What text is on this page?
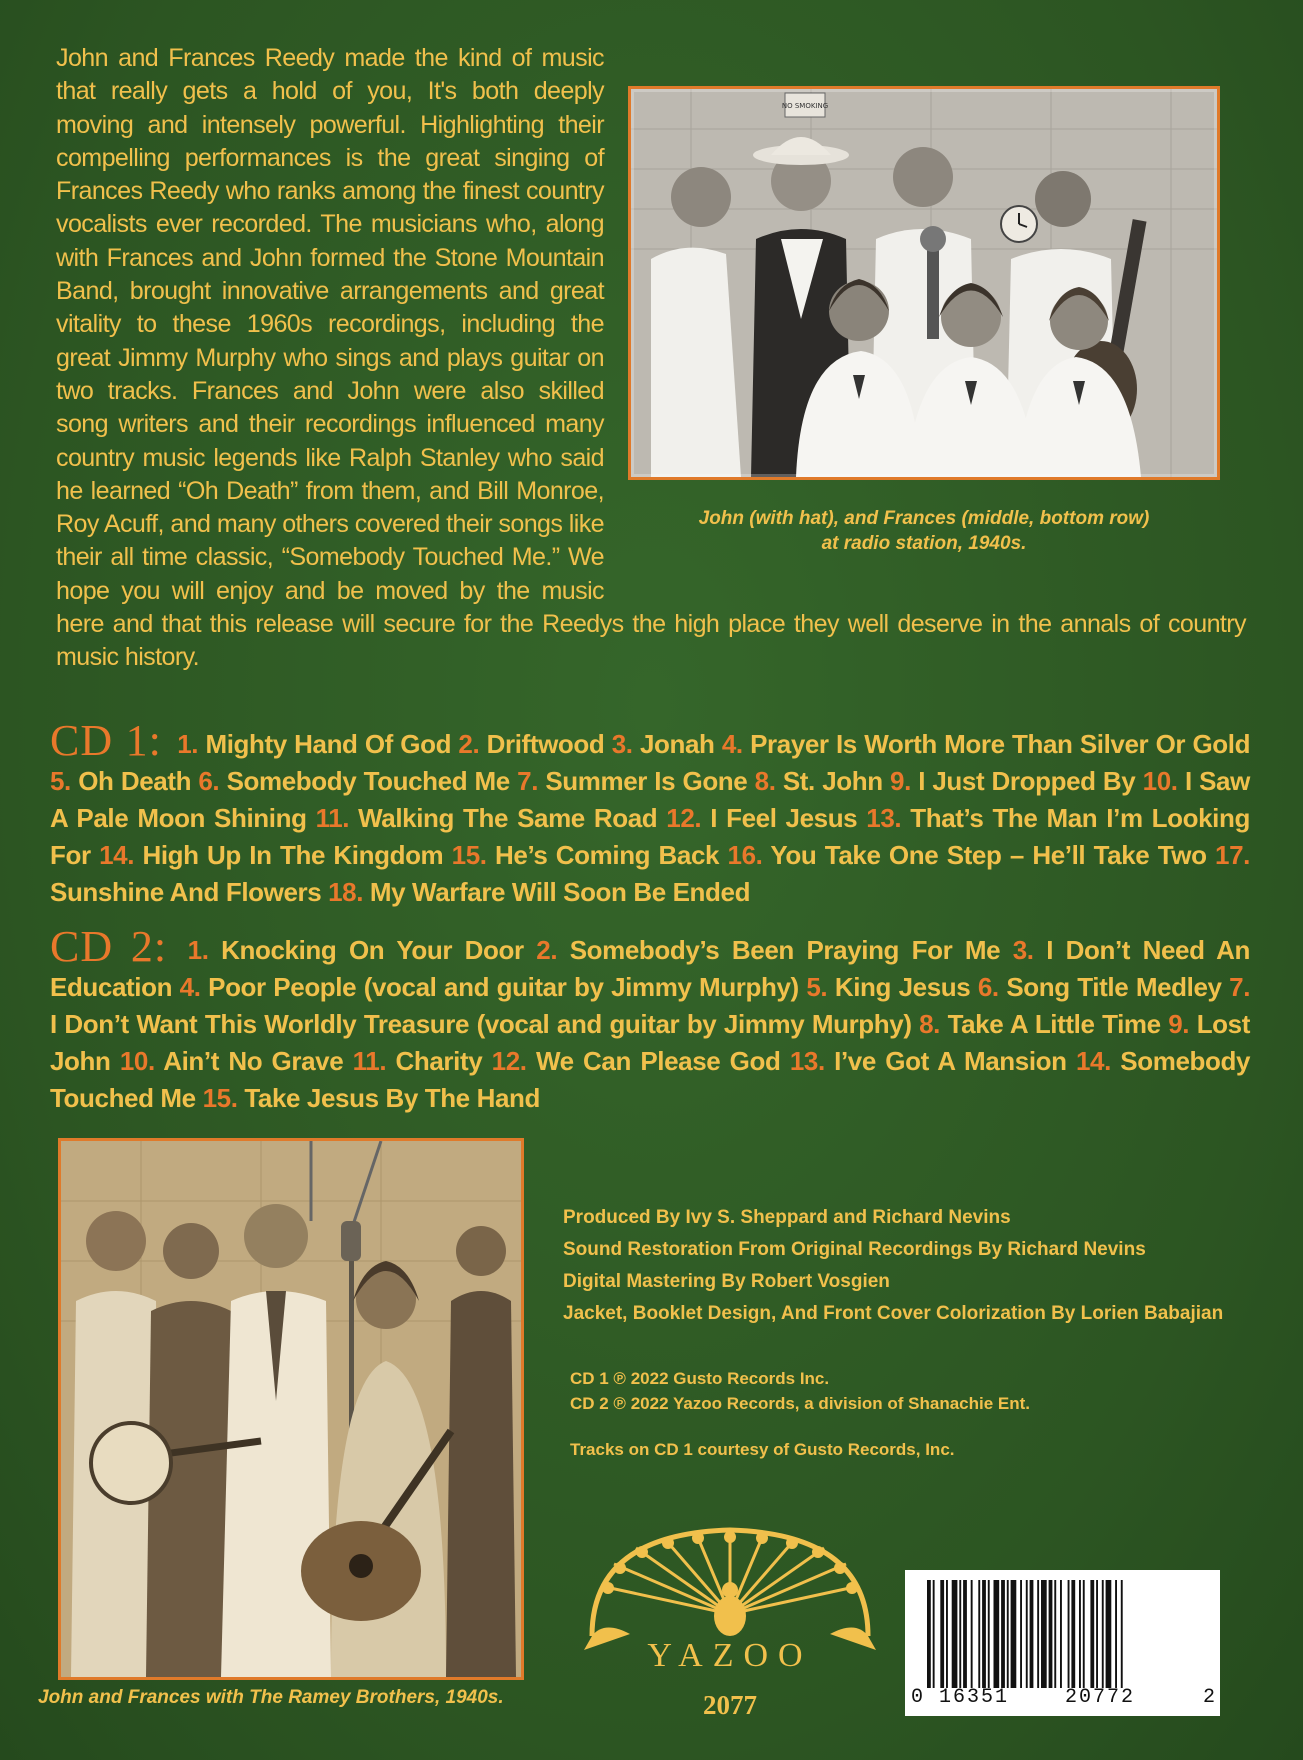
John and Frances Reedy made the kind of music that really gets a hold of you, It's both deeply moving and intensely powerful. Highlighting their compelling performances is the great singing of Frances Reedy who ranks among the finest country vocalists ever recorded. The musicians who, along with Frances and John formed the Stone Mountain Band, brought innovative arrangements and great vitality to these 1960s recordings, including the great Jimmy Murphy who sings and plays guitar on two tracks. Frances and John were also skilled song writers and their recordings influenced many country music legends like Ralph Stanley who said he learned “Oh Death” from them, and Bill Monroe, Roy Acuff, and many others covered their songs like their all time classic, “Somebody Touched Me.” We hope you will enjoy and be moved by the music here and that this release will secure for the Reedys the high place they well deserve in the annals of country music history.
NO SMOKING
John (with hat), and Frances (middle, bottom row)
at radio station, 1940s.
CD 1: 1. Mighty Hand Of God 2. Driftwood 3. Jonah 4. Prayer Is Worth More Than Silver Or Gold 5. Oh Death 6. Somebody Touched Me 7. Summer Is Gone 8. St. John 9. I Just Dropped By 10. I Saw A Pale Moon Shining 11. Walking The Same Road 12. I Feel Jesus 13. That’s The Man I’m Looking For 14. High Up In The Kingdom 15. He’s Coming Back 16. You Take One Step – He’ll Take Two 17. Sunshine And Flowers 18. My Warfare Will Soon Be Ended
CD 2: 1. Knocking On Your Door 2. Somebody’s Been Praying For Me 3. I Don’t Need An Education 4. Poor People (vocal and guitar by Jimmy Murphy) 5. King Jesus 6. Song Title Medley 7. I Don’t Want This Worldly Treasure (vocal and guitar by Jimmy Murphy) 8. Take A Little Time 9. Lost John 10. Ain’t No Grave 11. Charity 12. We Can Please God 13. I’ve Got A Mansion 14. Somebody Touched Me 15. Take Jesus By The Hand
John and Frances with The Ramey Brothers, 1940s.
Produced By Ivy S. Sheppard and Richard Nevins
Sound Restoration From Original Recordings By Richard Nevins
Digital Mastering By Robert Vosgien
Jacket, Booklet Design, And Front Cover Colorization By Lorien Babajian
CD 1 ℗ 2022 Gusto Records Inc.
CD 2 ℗ 2022 Yazoo Records, a division of Shanachie Ent.
Tracks on CD 1 courtesy of Gusto Records, Inc.
YAZOO
2077	0 16351	20772	2
